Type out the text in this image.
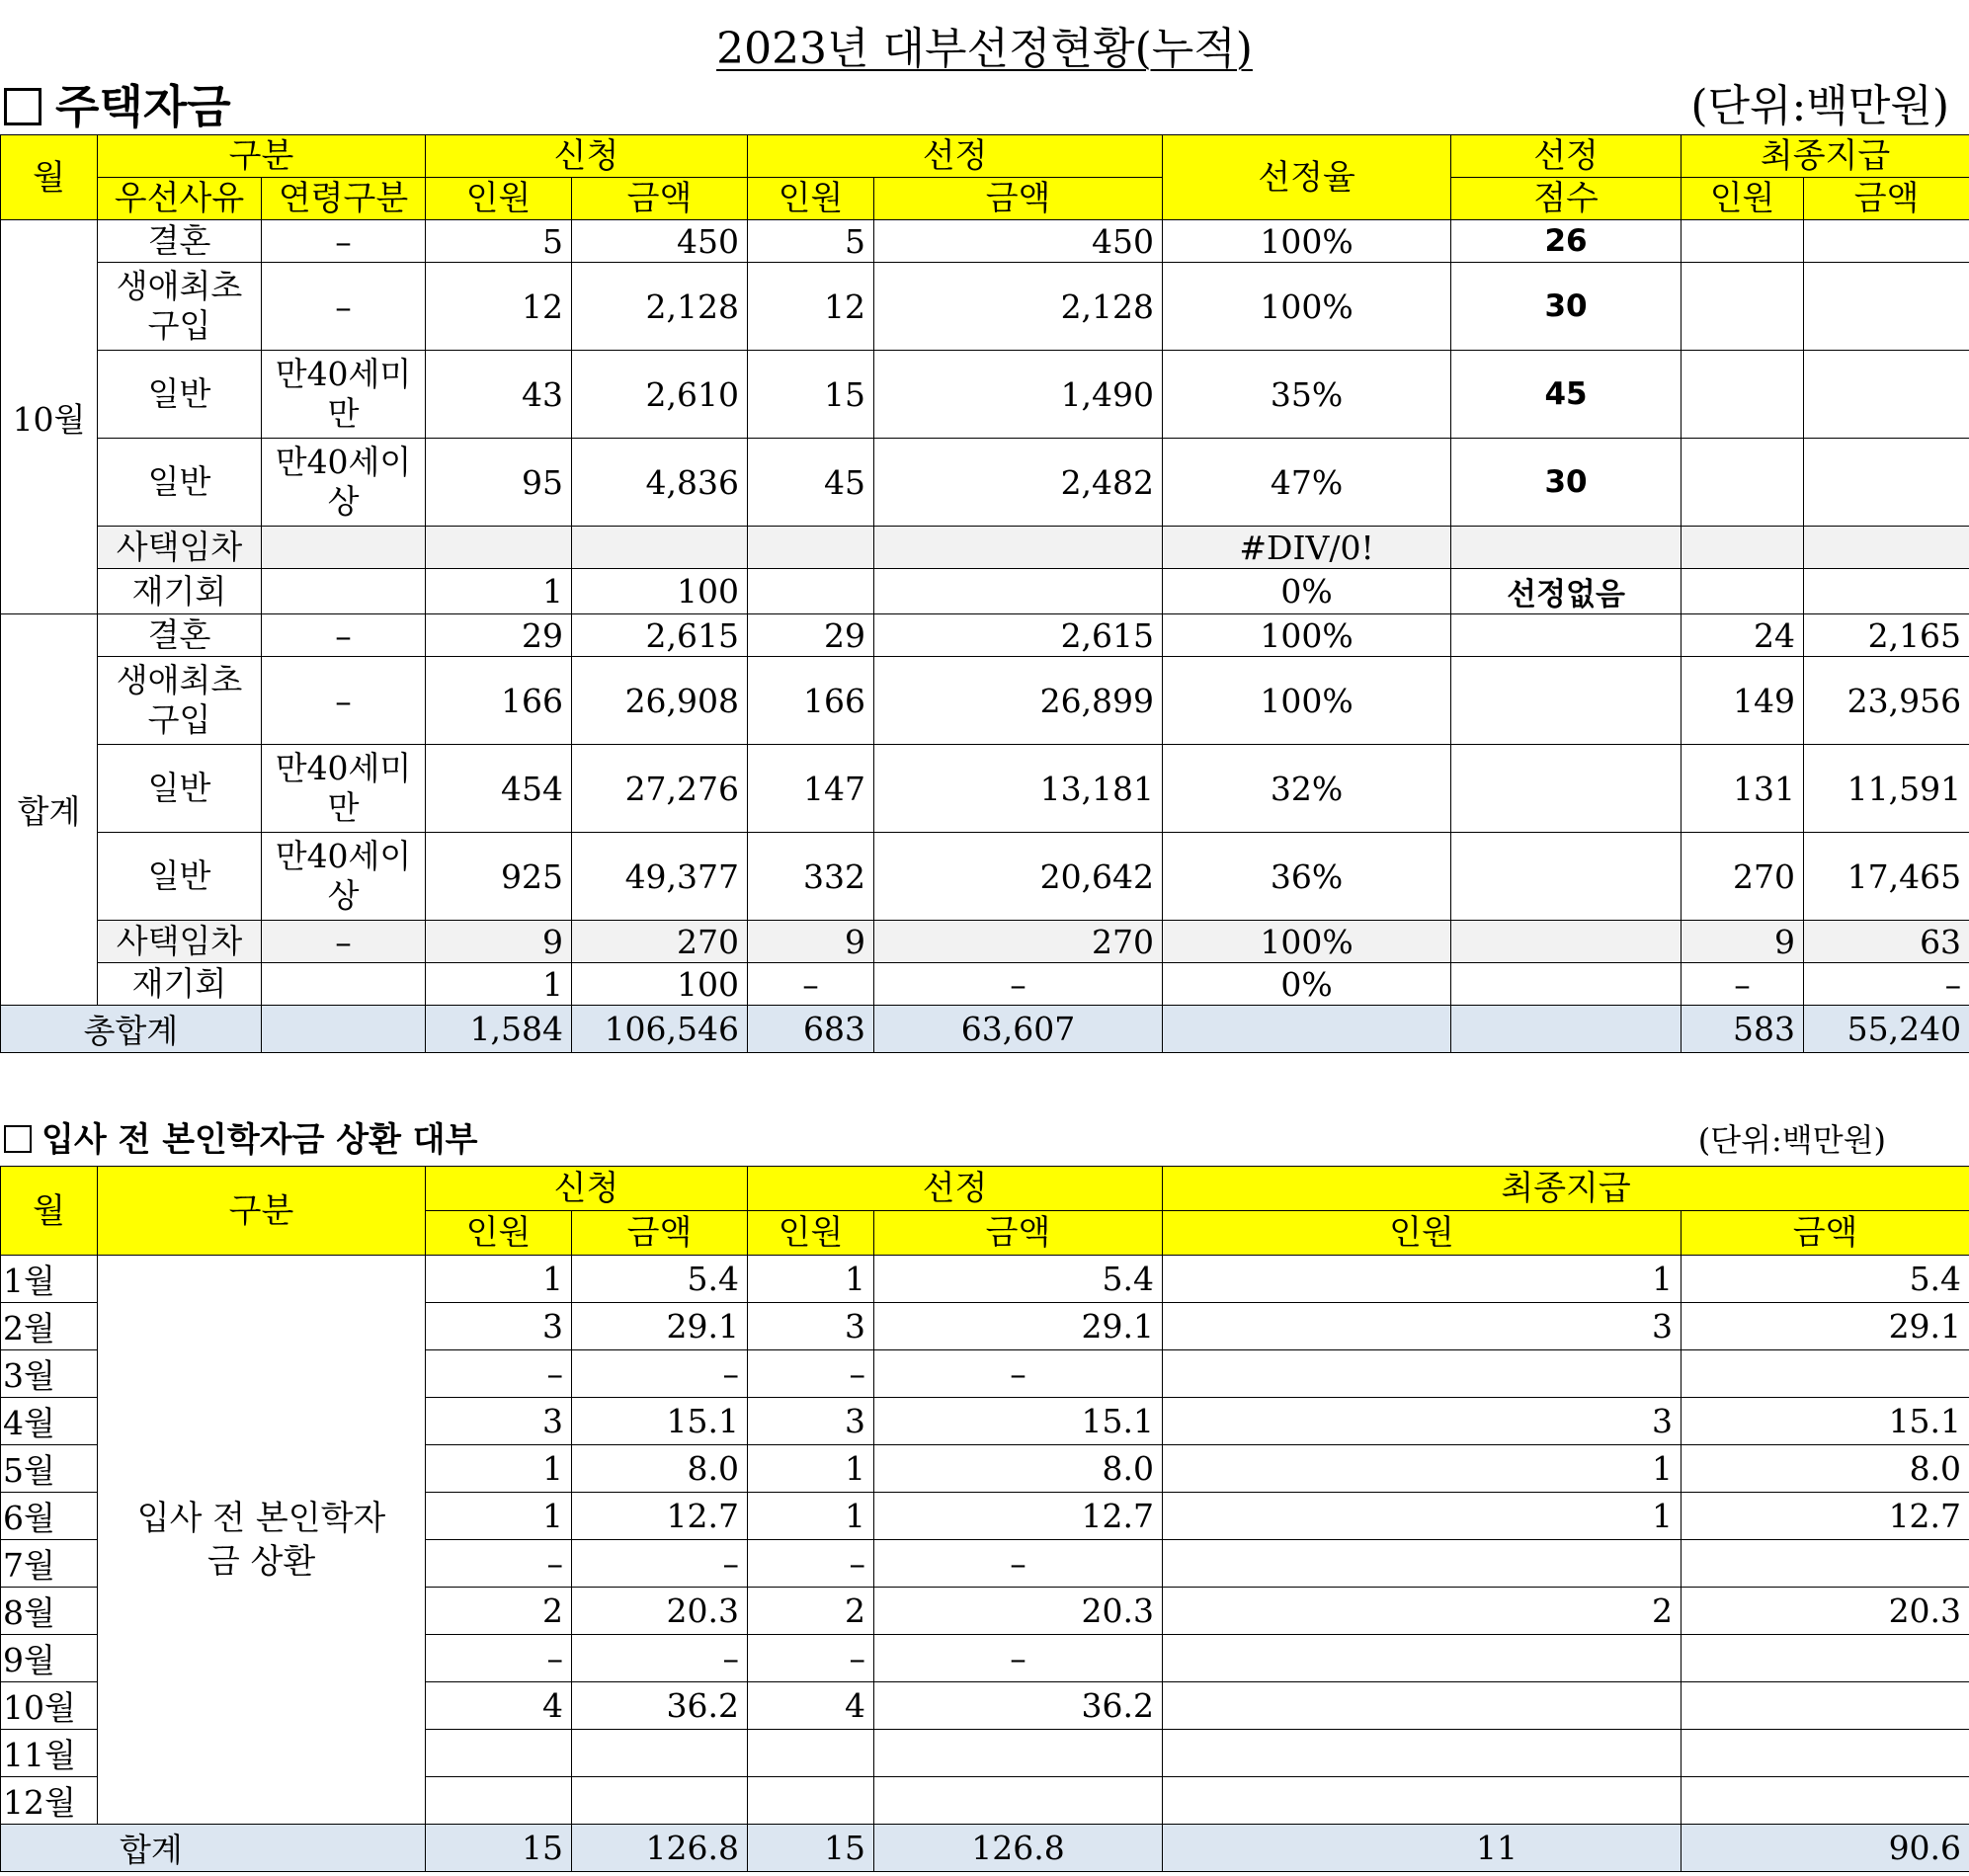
2023년 대부선정현황(누적)
주택자금	(단위:백만원)
월	구분		신청		선정		선정율	선정	최종지급	
	우선사유	연령구분	인원	금액	인원	금액		점수	인원	금액
10월	결혼	–	5	450	5	450	100%	26		
	생애최초 구입	–	12	2,128	12	2,128	100%	30		
	일반	만40세미만	43	2,610	15	1,490	35%	45		
	일반	만40세이상	95	4,836	45	2,482	47%	30		
	사택임차						#DIV/0!			
	재기회		1	100			0%	선정없음		
합계	결혼	–	29	2,615	29	2,615	100%		24	2,165
	생애최초 구입	–	166	26,908	166	26,899	100%		149	23,956
	일반	만40세미만	454	27,276	147	13,181	32%		131	11,591
	일반	만40세이상	925	49,377	332	20,642	36%		270	17,465
	사택임차	–	9	270	9	270	100%		9	63
	재기회		1	100	–	–	0%		–	–
총합계			1,584	106,546	683	63,607			583	55,240
입사 전 본인학자금 상환 대부	(단위:백만원)
월	구분	신청		선정		최종지급	
		인원	금액	인원	금액	인원	금액
1월	입사 전 본인학자금 상환	1	5.4	1	5.4	1	5.4
2월		3	29.1	3	29.1	3	29.1
3월		–	–	–	–		
4월		3	15.1	3	15.1	3	15.1
5월		1	8.0	1	8.0	1	8.0
6월		1	12.7	1	12.7	1	12.7
7월		–	–	–	–		
8월		2	20.3	2	20.3	2	20.3
9월		–	–	–	–		
10월		4	36.2	4	36.2		
11월							
12월							
합계		15	126.8	15	126.8	11	90.6
